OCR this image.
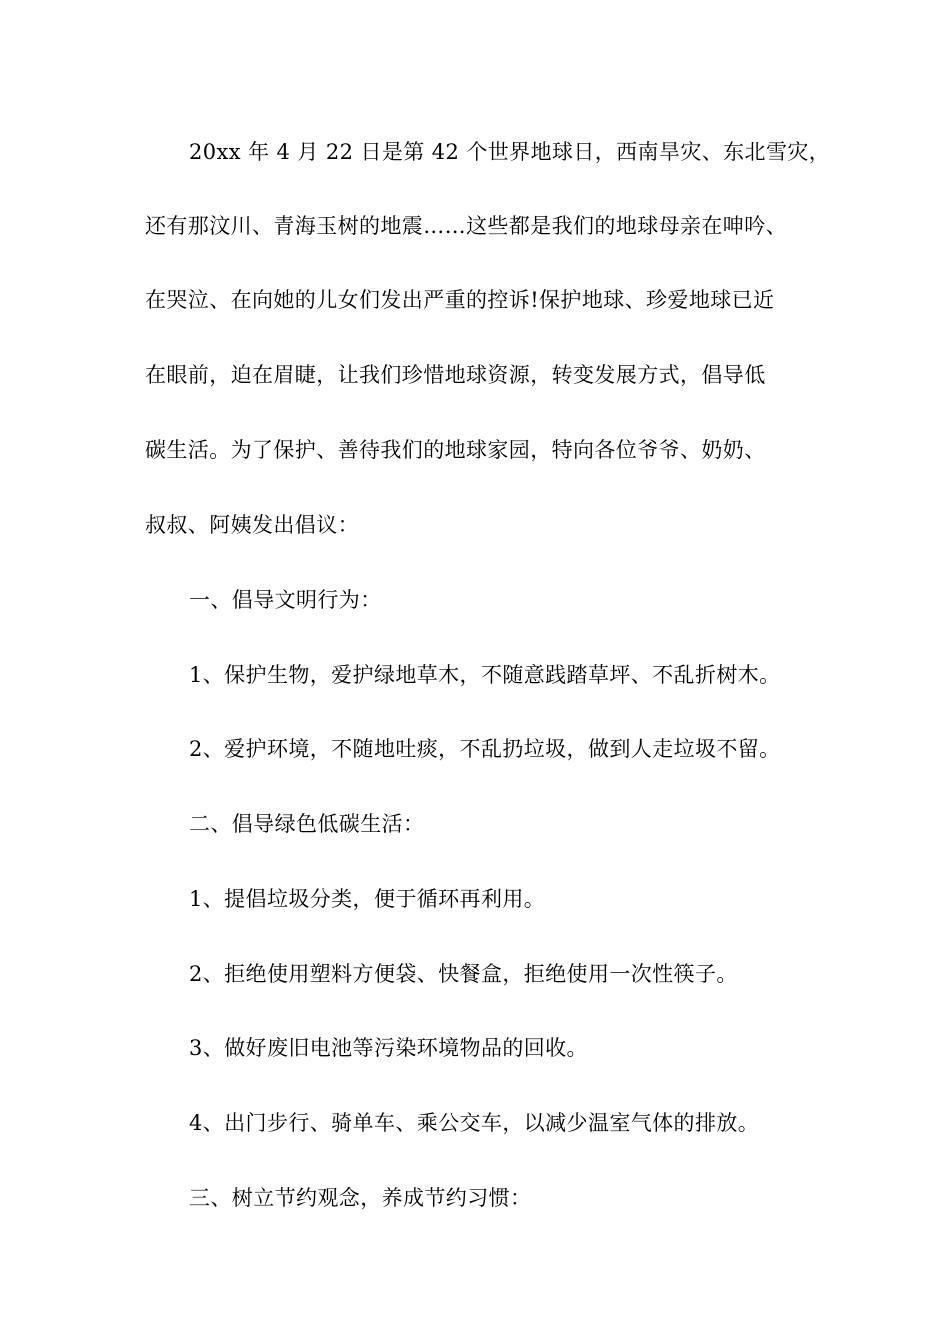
20xx 年 4 月 22 日是第 42 个世界地球日，西南旱灾、东北雪灾，

还有那汶川、青海玉树的地震……这些都是我们的地球母亲在呻吟、

在哭泣、在向她的儿女们发出严重的控诉!保护地球、珍爱地球已近

在眼前，迫在眉睫，让我们珍惜地球资源，转变发展方式，倡导低

碳生活。为了保护、善待我们的地球家园，特向各位爷爷、奶奶、

叔叔、阿姨发出倡议：

一、倡导文明行为：

1、保护生物，爱护绿地草木，不随意践踏草坪、不乱折树木。

2、爱护环境，不随地吐痰，不乱扔垃圾，做到人走垃圾不留。

二、倡导绿色低碳生活：

1、提倡垃圾分类，便于循环再利用。

2、拒绝使用塑料方便袋、快餐盒，拒绝使用一次性筷子。

3、做好废旧电池等污染环境物品的回收。

4、出门步行、骑单车、乘公交车，以减少温室气体的排放。

三、树立节约观念，养成节约习惯：
